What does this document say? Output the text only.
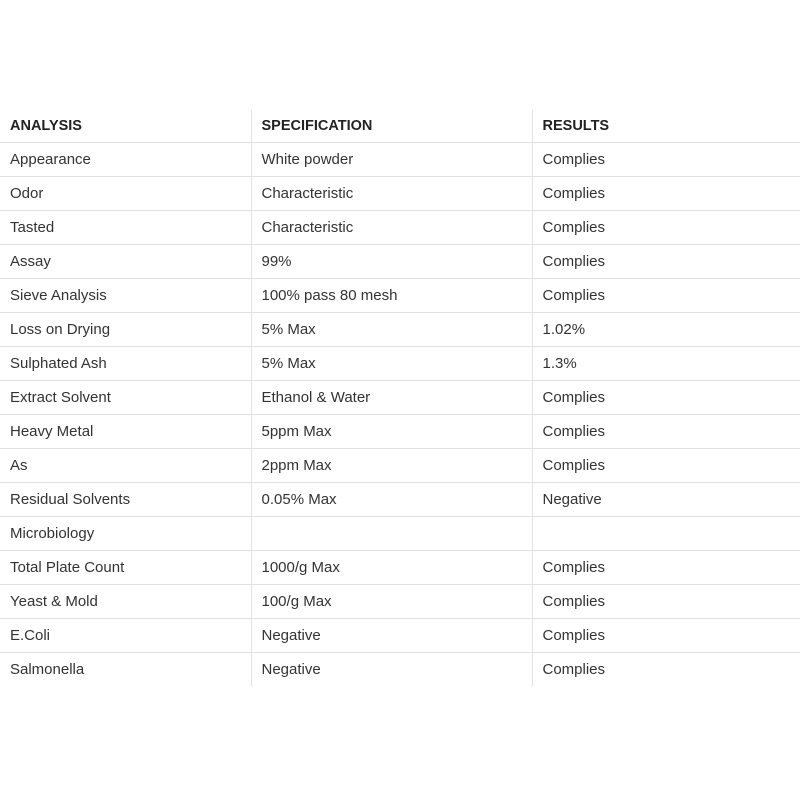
ANALYSIS	SPECIFICATION	RESULTS
Appearance	White powder	Complies
Odor	Characteristic	Complies
Tasted	Characteristic	Complies
Assay	99%	Complies
Sieve Analysis	100% pass 80 mesh	Complies
Loss on Drying	5% Max	1.02%
Sulphated Ash	5% Max	1.3%
Extract Solvent	Ethanol & Water	Complies
Heavy Metal	5ppm Max	Complies
As	2ppm Max	Complies
Residual Solvents	0.05% Max	Negative
Microbiology		
Total Plate Count	1000/g Max	Complies
Yeast & Mold	100/g Max	Complies
E.Coli	Negative	Complies
Salmonella	Negative	Complies
